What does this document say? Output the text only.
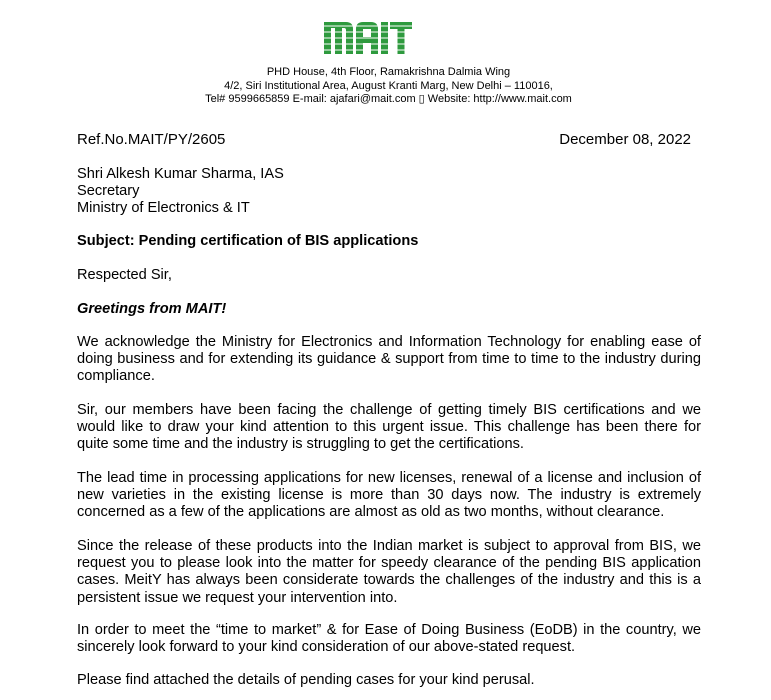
PHD House, 4th Floor, Ramakrishna Dalmia Wing
4/2, Siri Institutional Area, August Kranti Marg, New Delhi – 110016,
Tel# 9599665859 E-mail: ajafari@mait.com ▯ Website: http://www.mait.com
Ref.No.MAIT/PY/2605	December 08, 2022
Shri Alkesh Kumar Sharma, IAS
Secretary
Ministry of Electronics & IT
Subject: Pending certification of BIS applications
Respected Sir,
Greetings from MAIT!
We acknowledge the Ministry for Electronics and Information Technology for enabling ease of doing business and for extending its guidance & support from time to time to the industry during compliance.
Sir, our members have been facing the challenge of getting timely BIS certifications and we would like to draw your kind attention to this urgent issue. This challenge has been there for quite some time and the industry is struggling to get the certifications.
The lead time in processing applications for new licenses, renewal of a license and inclusion of new varieties in the existing license is more than 30 days now. The industry is extremely concerned as a few of the applications are almost as old as two months, without clearance.
Since the release of these products into the Indian market is subject to approval from BIS, we request you to please look into the matter for speedy clearance of the pending BIS application cases. MeitY has always been considerate towards the challenges of the industry and this is a persistent issue we request your intervention into.
In order to meet the “time to market” & for Ease of Doing Business (EoDB) in the country, we sincerely look forward to your kind consideration of our above-stated request.
Please find attached the details of pending cases for your kind perusal.
